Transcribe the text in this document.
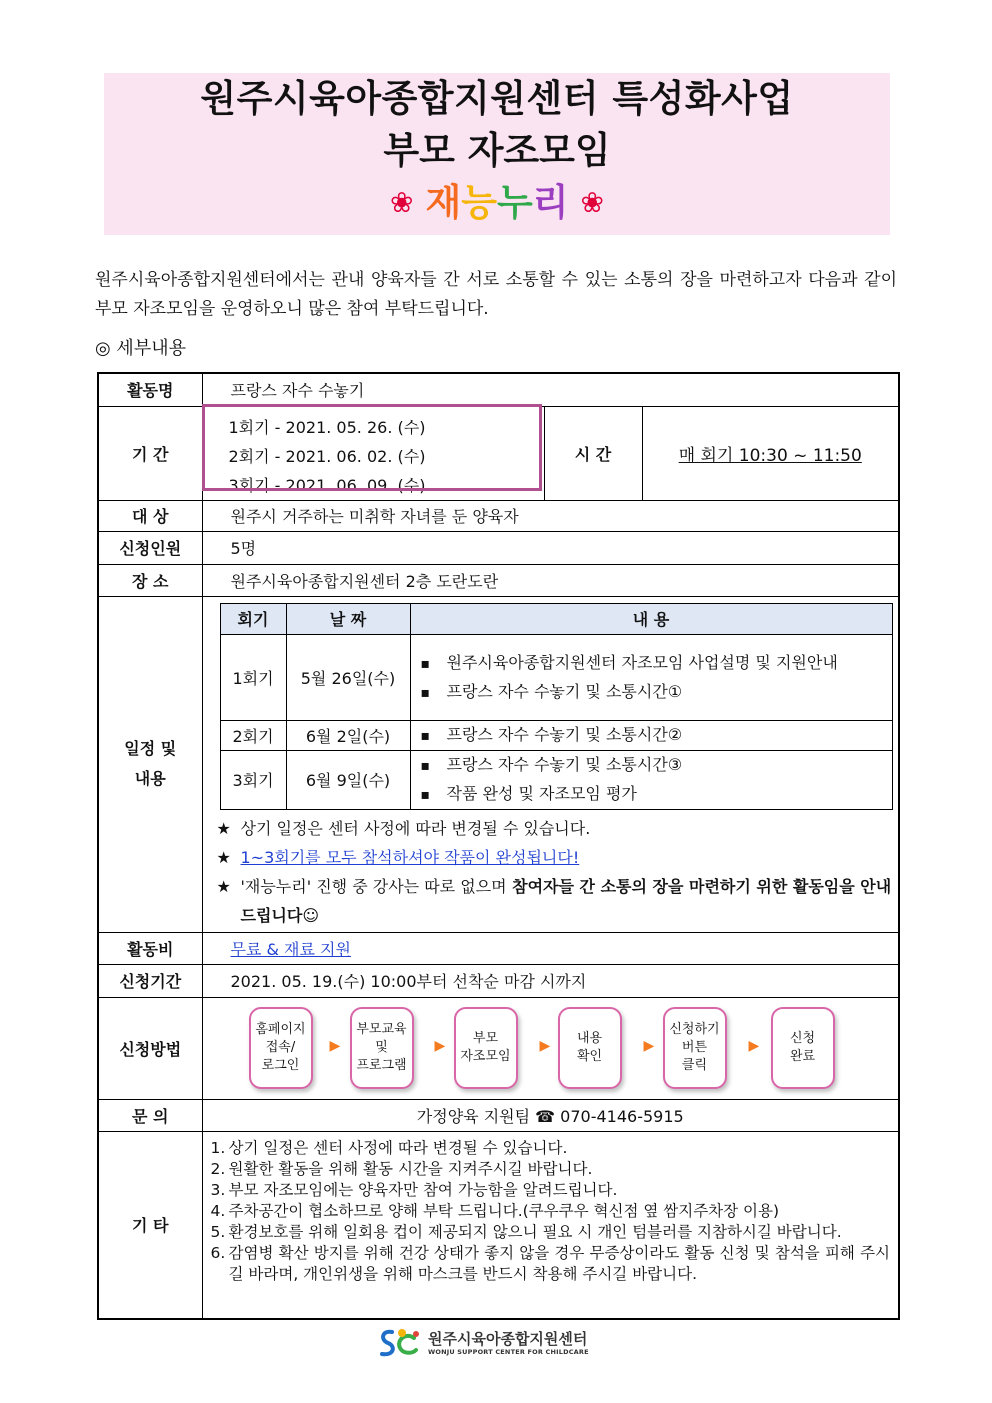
원주시육아종합지원센터 특성화사업
부모 자조모임
❀ 재능누리 ❀
원주시육아종합지원센터에서는 관내 양육자들 간 서로 소통할 수 있는 소통의 장을 마련하고자 다음과 같이 부모 자조모임을 운영하오니 많은 참여 부탁드립니다.
◎ 세부내용
활동명	프랑스 자수 수놓기
기 간	
1회기 - 2021. 05. 26. (수)
2회기 - 2021. 06. 02. (수)
3회기 - 2021. 06. 09. (수)
	시 간	매 회기 10:30 ~ 11:50
대 상	원주시 거주하는 미취학 자녀를 둔 양육자
신청인원	5명
장 소	원주시육아종합지원센터 2층 도란도란
일정 및
내용	
회기	날 짜	내 용
1회기	5월 26일(수)	
▪ 원주시육아종합지원센터 자조모임 사업설명 및 지원안내
▪ 프랑스 자수 수놓기 및 소통시간①

2회기	6월 2일(수)	
▪프랑스 자수 수놓기 및 소통시간②

3회기	6월 9일(수)	
▪ 프랑스 자수 수놓기 및 소통시간③
▪ 작품 완성 및 자조모임 평가
★ 상기 일정은 센터 사정에 따라 변경될 수 있습니다.
★ 1~3회기를 모두 참석하셔야 작품이 완성됩니다!
★ '재능누리' 진행 중 강사는 따로 없으며 참여자들 간 소통의 장을 마련하기 위한 활동임을 안내 드립니다☺

활동비	무료 & 재료 지원
신청기간	2021. 05. 19.(수) 10:00부터 선착순 마감 시까지
신청방법	
홈페이지
접속/
로그인
▶
부모교육
및
프로그램
▶	부모
자조모임
▶ 내용
확인
▶
신청하기
버튼
클릭
▶ 신청
완료

문 의	가정양육 지원팀 ☎ 070-4146-5915
기 타	
1. 상기 일정은 센터 사정에 따라 변경될 수 있습니다.
2. 원활한 활동을 위해 활동 시간을 지켜주시길 바랍니다.
3. 부모 자조모임에는 양육자만 참여 가능함을 알려드립니다.
4. 주차공간이 협소하므로 양해 부탁 드립니다.(쿠우쿠우 혁신점 옆 쌈지주차장 이용)
5. 환경보호를 위해 일회용 컵이 제공되지 않으니 필요 시 개인 텀블러를 지참하시길 바랍니다.
6. 감염병 확산 방지를 위해 건강 상태가 좋지 않을 경우 무증상이라도 활동 신청 및 참석을 피해 주시길 바라며, 개인위생을 위해 마스크를 반드시 착용해 주시길 바랍니다.
원주시육아종합지원센터
WONJU SUPPORT CENTER FOR CHILDCARE
